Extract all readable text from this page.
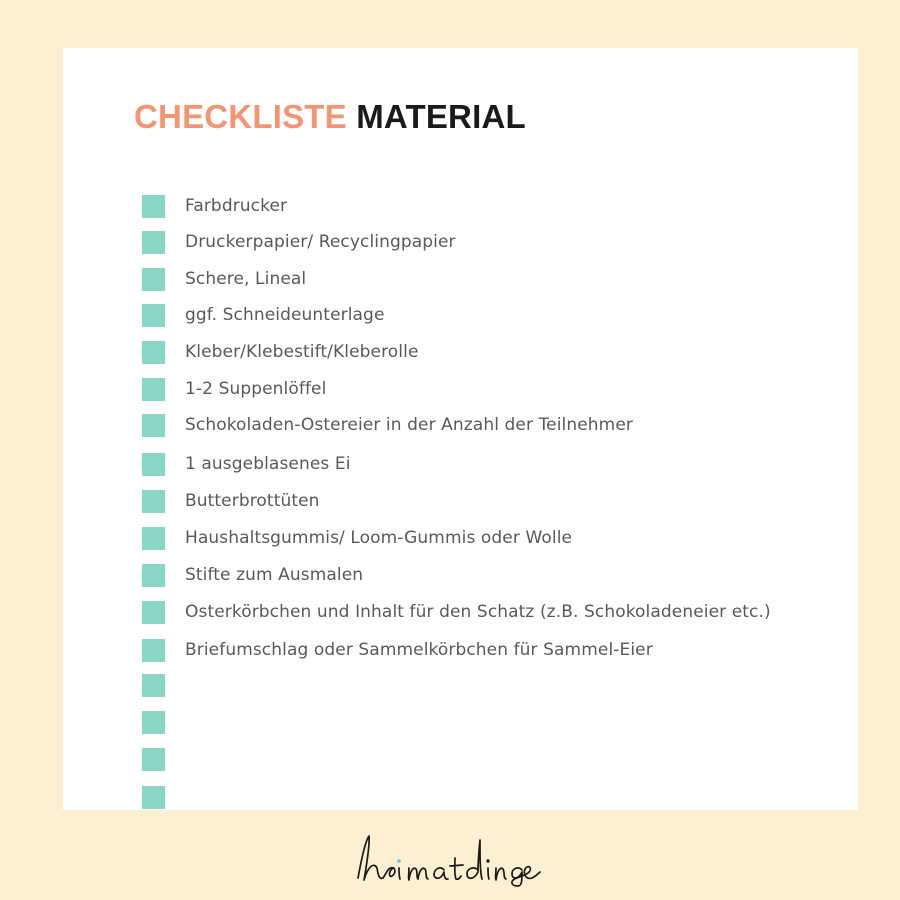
CHECKLISTE MATERIAL
Farbdrucker
Druckerpapier/ Recyclingpapier
Schere, Lineal
ggf. Schneideunterlage
Kleber/Klebestift/Kleberolle
1-2 Suppenlöffel
Schokoladen-Ostereier in der Anzahl der Teilnehmer
1 ausgeblasenes Ei
Butterbrottüten
Haushaltsgummis/ Loom-Gummis oder Wolle
Stifte zum Ausmalen
Osterkörbchen und Inhalt für den Schatz (z.B. Schokoladeneier etc.)
Briefumschlag oder Sammelkörbchen für Sammel-Eier
